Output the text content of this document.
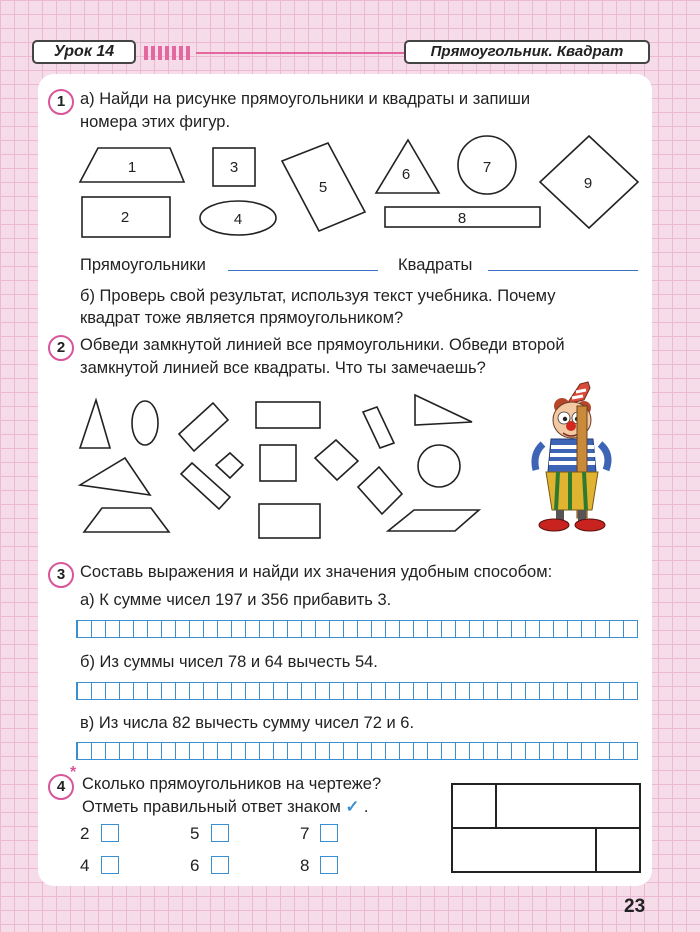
Урок 14	Прямоугольник. Квадрат
1 а) Найди на рисунке прямоугольники и квадраты и запиши
номера этих фигур.
1
2
3
4
5
6	7
8
9
Прямоугольники	Квадраты
б) Проверь свой результат, используя текст учебника. Почему
квадрат тоже является прямоугольником?
2 Обведи замкнутой линией все прямоугольники. Обведи второй
замкнутой линией все квадраты. Что ты замечаешь?
3 Составь выражения и найди их значения удобным способом:
а) К сумме чисел 197 и 356 прибавить 3.
б) Из суммы чисел 78 и 64 вычесть 54.
в) Из числа 82 вычесть сумму чисел 72 и 6.
4
*
Сколько прямоугольников на чертеже?
Отметь правильный ответ знаком ✓ .
2	5	7
4	6	8
23
